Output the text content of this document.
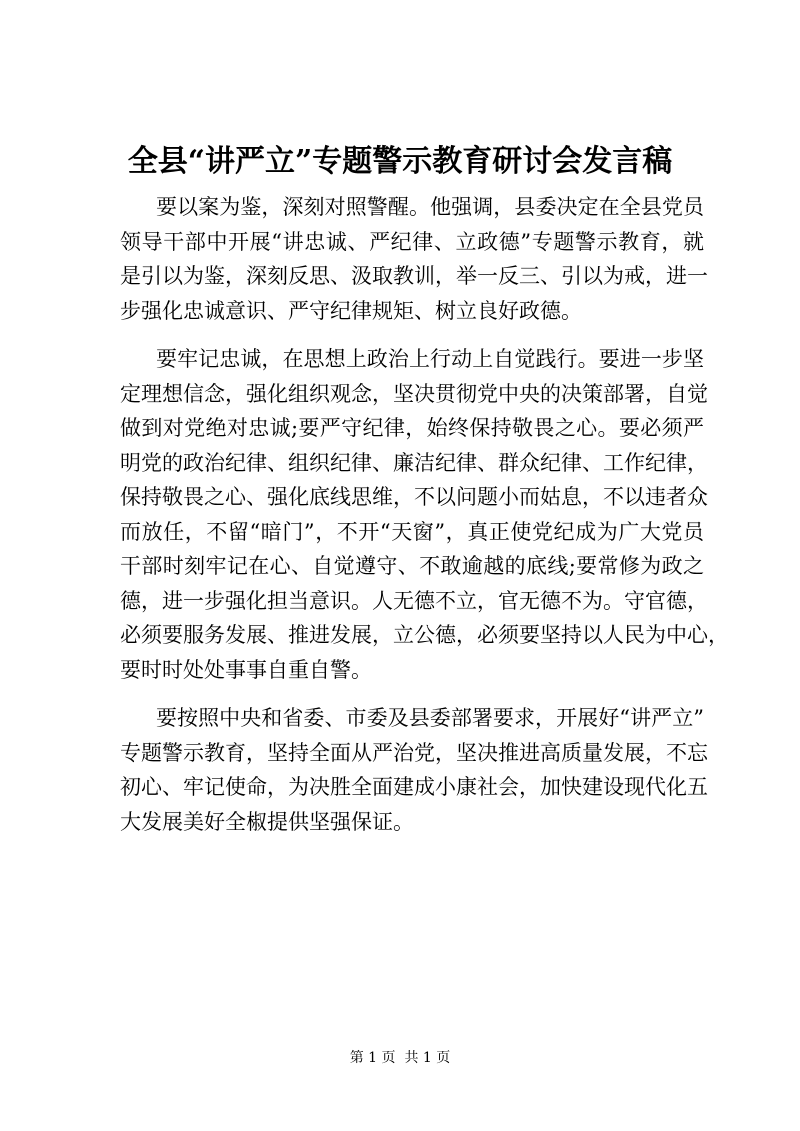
全县“讲严立”专题警示教育研讨会发言稿
要以案为鉴，深刻对照警醒。他强调，县委决定在全县党员
领导干部中开展“讲忠诚、严纪律、立政德”专题警示教育，就
是引以为鉴，深刻反思、汲取教训，举一反三、引以为戒，进一
步强化忠诚意识、严守纪律规矩、树立良好政德。
要牢记忠诚，在思想上政治上行动上自觉践行。要进一步坚
定理想信念，强化组织观念，坚决贯彻党中央的决策部署，自觉
做到对党绝对忠诚;要严守纪律，始终保持敬畏之心。要必须严
明党的政治纪律、组织纪律、廉洁纪律、群众纪律、工作纪律，
保持敬畏之心、强化底线思维，不以问题小而姑息，不以违者众
而放任，不留“暗门”，不开“天窗”，真正使党纪成为广大党员
干部时刻牢记在心、自觉遵守、不敢逾越的底线;要常修为政之
德，进一步强化担当意识。人无德不立，官无德不为。守官德，
必须要服务发展、推进发展，立公德，必须要坚持以人民为中心，
要时时处处事事自重自警。
要按照中央和省委、市委及县委部署要求，开展好“讲严立”
专题警示教育，坚持全面从严治党，坚决推进高质量发展，不忘
初心、牢记使命，为决胜全面建成小康社会，加快建设现代化五
大发展美好全椒提供坚强保证。
第 1 页  共 1 页
